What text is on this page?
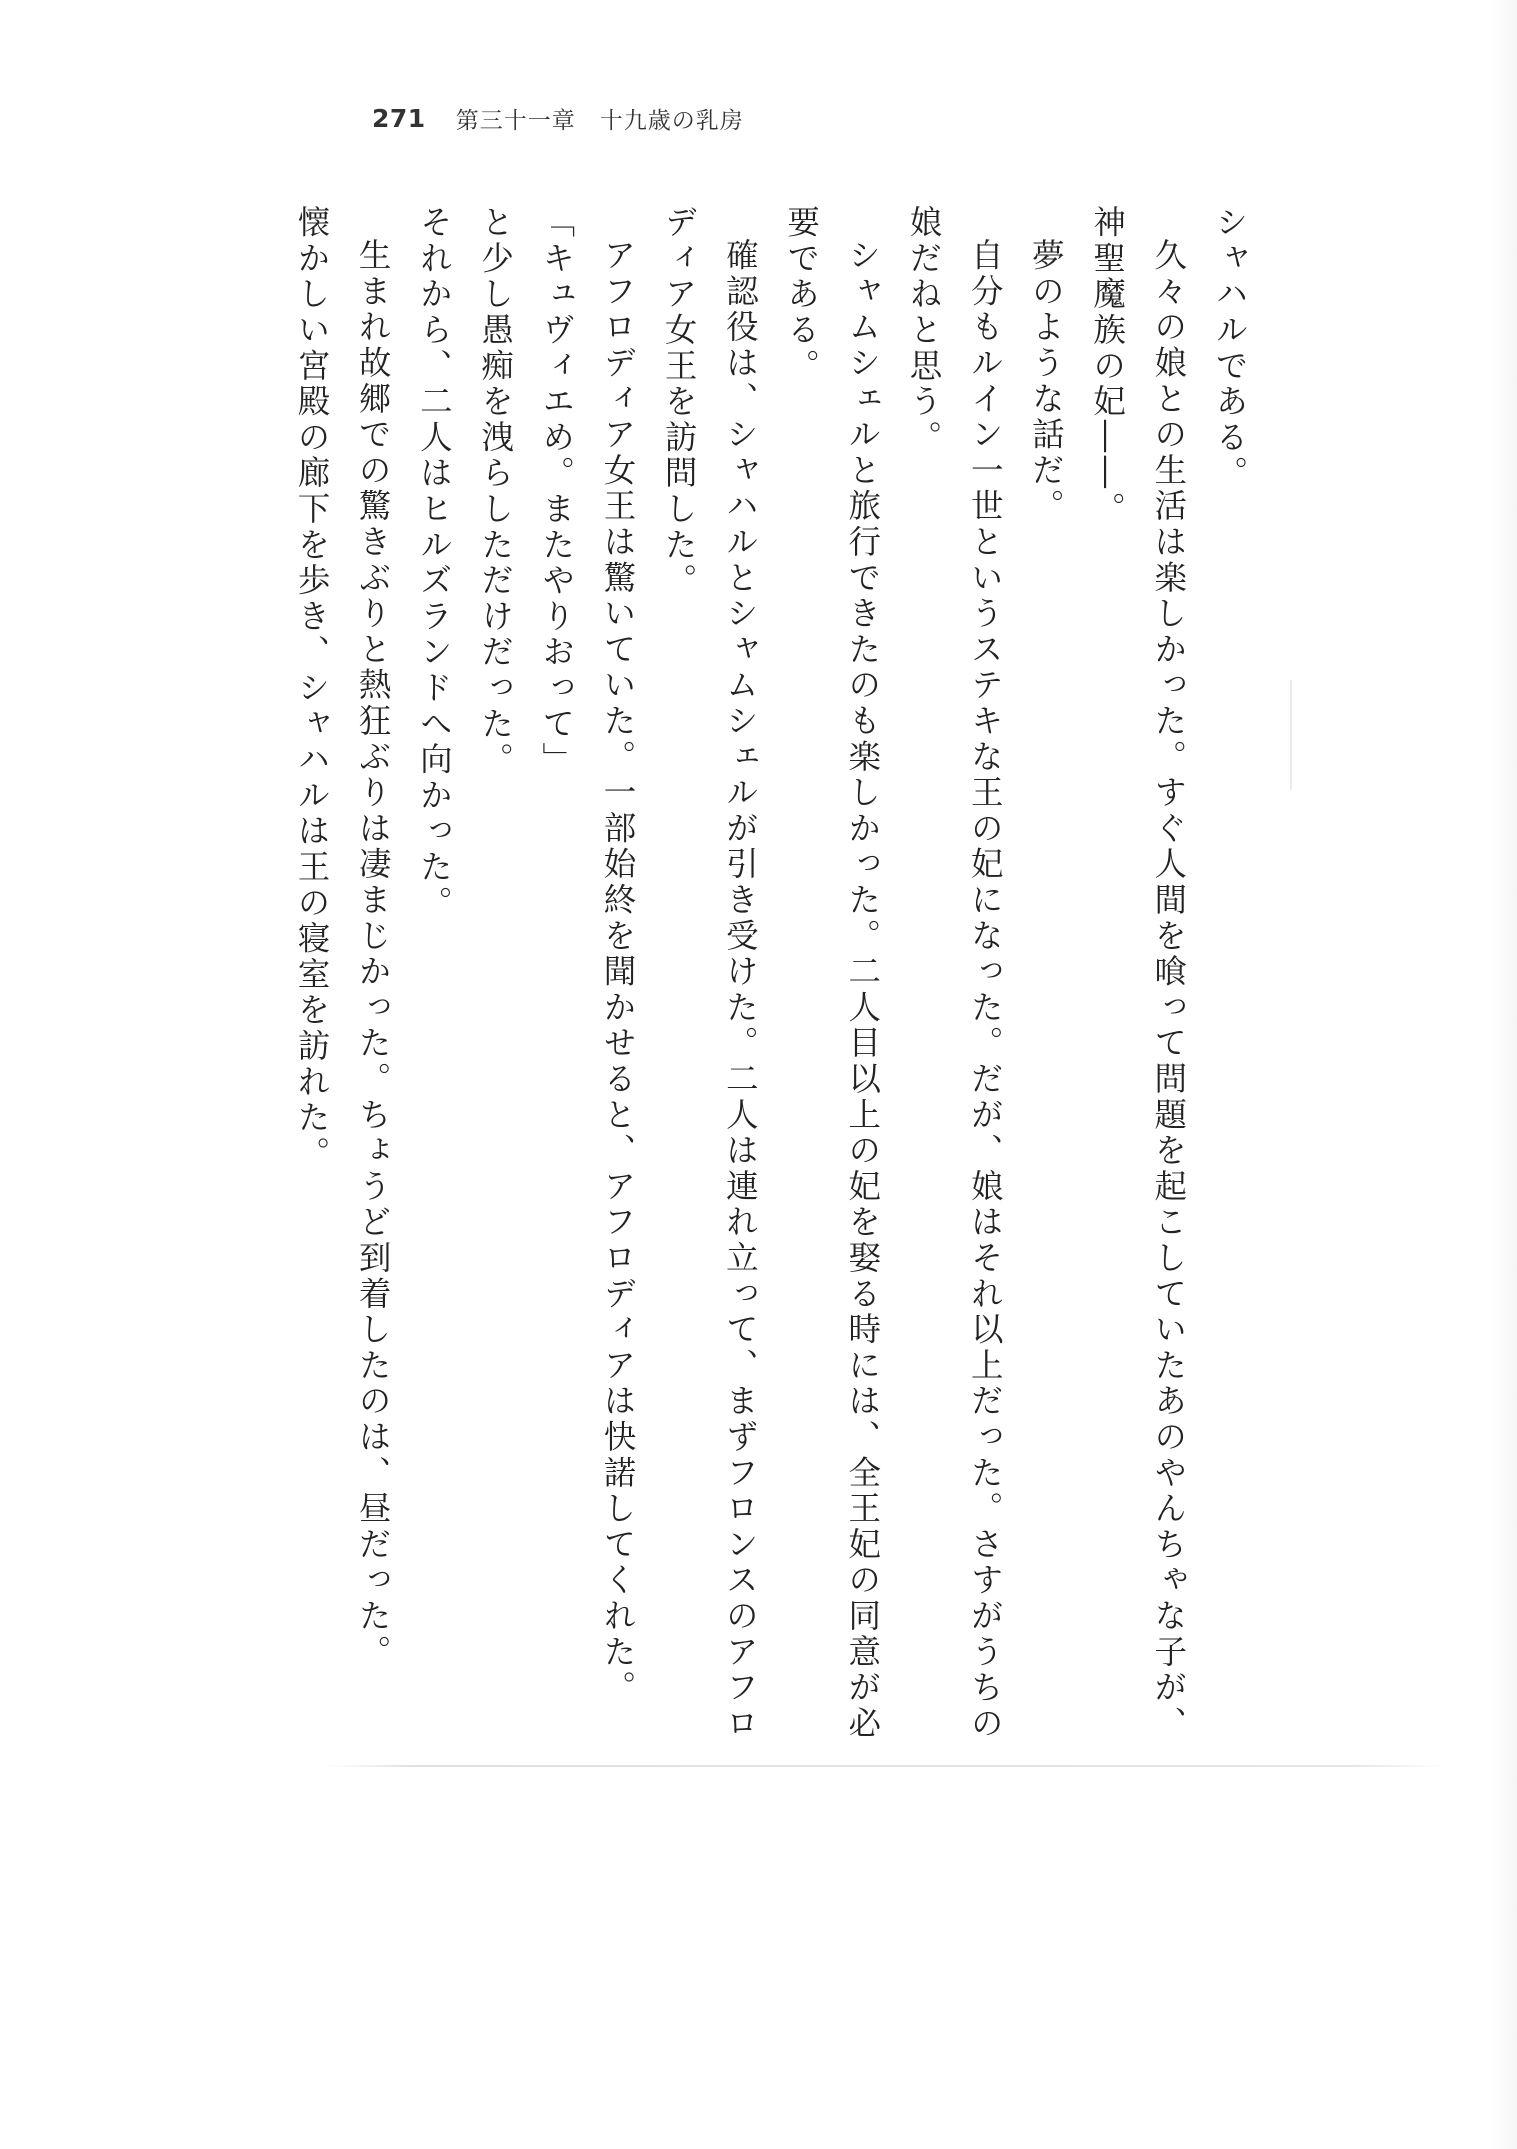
271 第三十一章　十九歳の乳房

シャハルである。

久々の娘との生活は楽しかった。すぐ人間を喰って問題を起こしていたあのやんちゃな子が、神聖魔族の妃――。

夢のような話だ。

自分もルイン一世というステキな王の妃になった。だが、娘はそれ以上だった。さすがうちの娘だねと思う。

シャムシェルと旅行できたのも楽しかった。二人目以上の妃を娶る時には、全王妃の同意が必要である。

確認役は、シャハルとシャムシェルが引き受けた。二人は連れ立って、まずフロンスのアフロディア女王を訪問した。

アフロディア女王は驚いていた。一部始終を聞かせると、アフロディアは快諾してくれた。

「キュヴィエめ。またやりおって」

と少し愚痴を洩らしただけだった。

それから、二人はヒルズランドへ向かった。

生まれ故郷での驚きぶりと熱狂ぶりは凄まじかった。ちょうど到着したのは、昼だった。

懐かしい宮殿の廊下を歩き、シャハルは王の寝室を訪れた。
